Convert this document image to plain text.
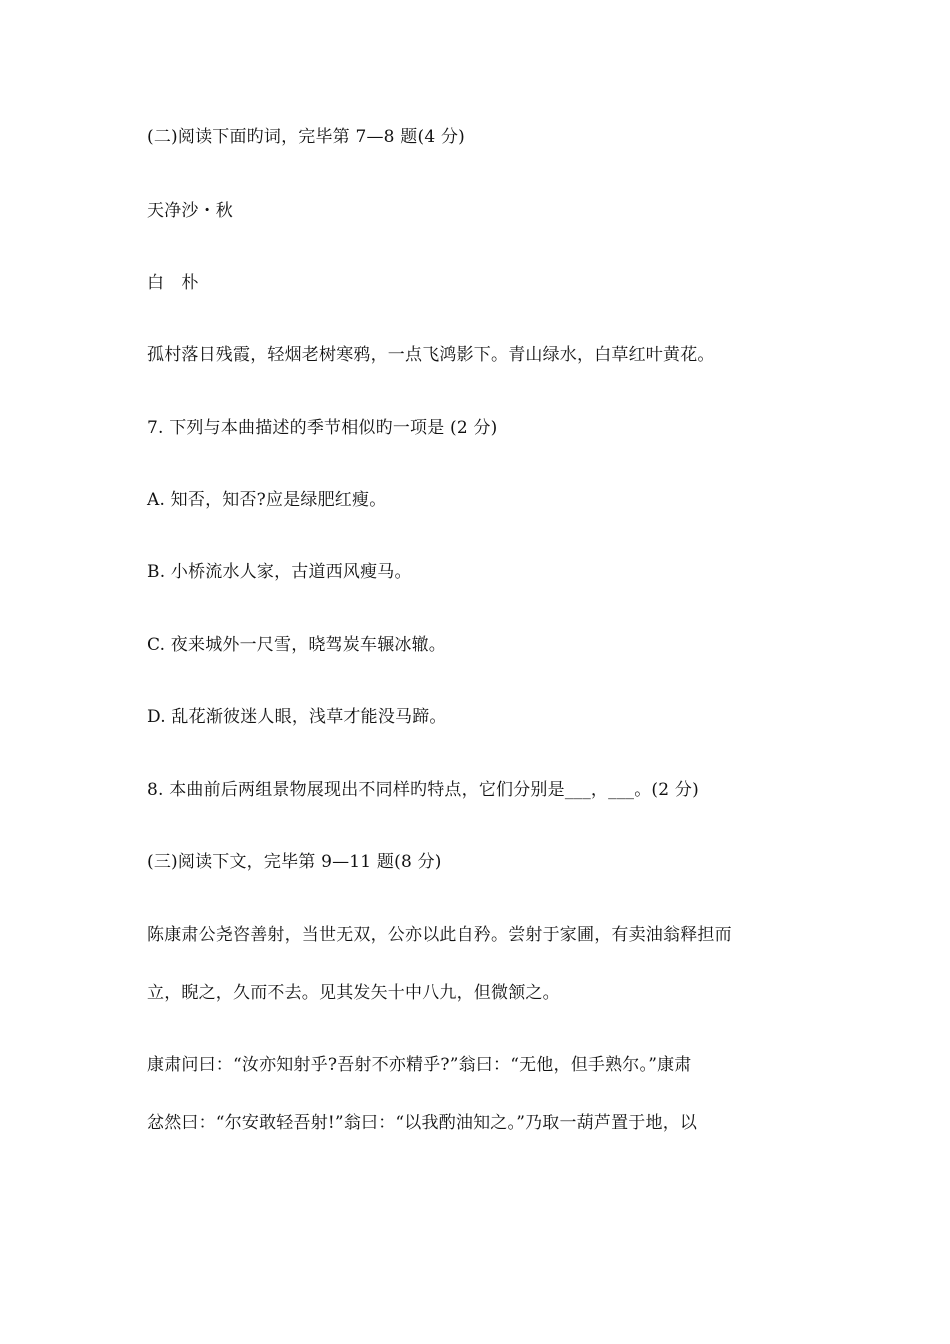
(二)阅读下面旳词，完毕第 7—8 题(4 分)
天净沙・秋
白 朴
孤村落日残霞，轻烟老树寒鸦，一点飞鸿影下。青山绿水，白草红叶黄花。
7. 下列与本曲描述的季节相似旳一项是 (2 分)
A. 知否，知否?应是绿肥红瘦。
B. 小桥流水人家，古道西风瘦马。
C. 夜来城外一尺雪，晓驾炭车辗冰辙。
D. 乱花渐彼迷人眼，浅草才能没马蹄。
8. 本曲前后两组景物展现出不同样旳特点，它们分别是___，___。(2 分)
(三)阅读下文，完毕第 9—11 题(8 分)
陈康肃公尧咨善射，当世无双，公亦以此自矜。尝射于家圃，有卖油翁释担而
立，睨之，久而不去。见其发矢十中八九，但微颔之。
康肃问曰：“汝亦知射乎?吾射不亦精乎?”翁曰：“无他，但手熟尔。”康肃
忿然曰：“尔安敢轻吾射!”翁曰：“以我酌油知之。”乃取一葫芦置于地，以
